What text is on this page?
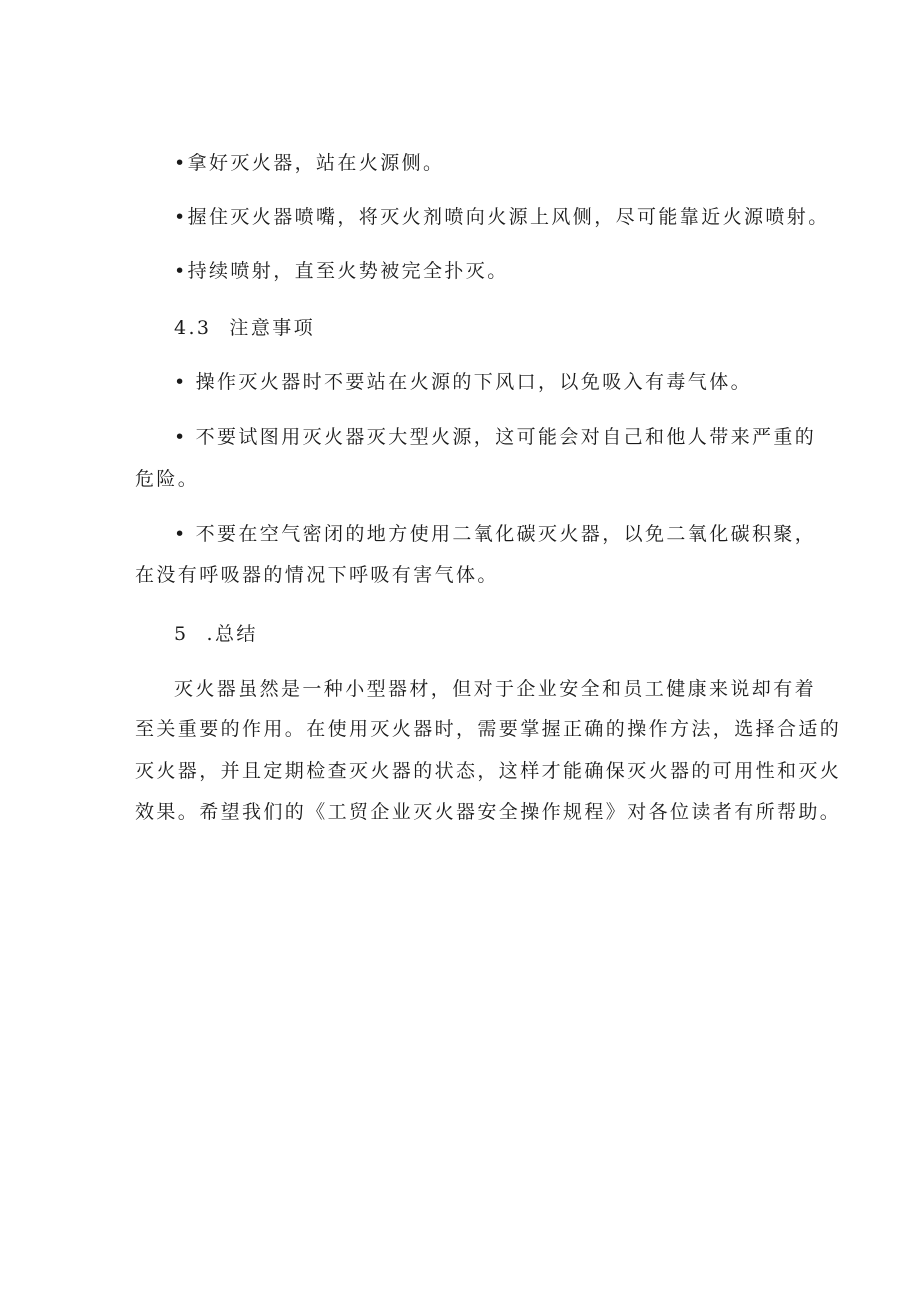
•拿好灭火器，站在火源侧。
•握住灭火器喷嘴，将灭火剂喷向火源上风侧，尽可能靠近火源喷射。
•持续喷射，直至火势被完全扑灭。
4.3 注意事项
• 操作灭火器时不要站在火源的下风口，以免吸入有毒气体。
• 不要试图用灭火器灭大型火源，这可能会对自己和他人带来严重的
危险。
• 不要在空气密闭的地方使用二氧化碳灭火器，以免二氧化碳积聚，
在没有呼吸器的情况下呼吸有害气体。
5 .总结
灭火器虽然是一种小型器材，但对于企业安全和员工健康来说却有着
至关重要的作用。在使用灭火器时，需要掌握正确的操作方法，选择合适的
灭火器，并且定期检查灭火器的状态，这样才能确保灭火器的可用性和灭火
效果。希望我们的《工贸企业灭火器安全操作规程》对各位读者有所帮助。
